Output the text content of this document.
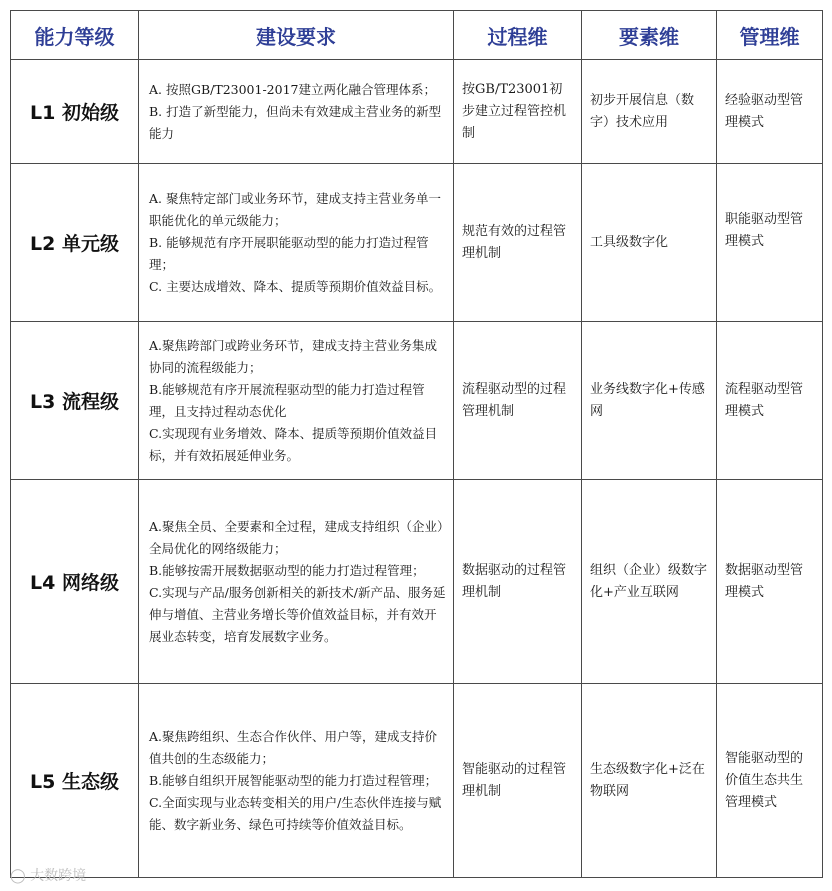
能力等级	建设要求	过程维	要素维	管理维
L1 初始级	A. 按照GB/T23001-2017建立两化融合管理体系；
B. 打造了新型能力，但尚未有效建成主营业务的新型能力	按GB/T23001初步建立过程管控机制	初步开展信息（数字）技术应用	经验驱动型管理模式
L2 单元级	A. 聚焦特定部门或业务环节，建成支持主营业务单一职能优化的单元级能力；
B. 能够规范有序开展职能驱动型的能力打造过程管理；
C. 主要达成增效、降本、提质等预期价值效益目标。	规范有效的过程管理机制	工具级数字化	职能驱动型管理模式
L3 流程级	A.聚焦跨部门或跨业务环节，建成支持主营业务集成协同的流程级能力；
B.能够规范有序开展流程驱动型的能力打造过程管理，且支持过程动态优化
C.实现现有业务增效、降本、提质等预期价值效益目标，并有效拓展延伸业务。	流程驱动型的过程管理机制	业务线数字化+传感网	流程驱动型管理模式
L4 网络级	A.聚焦全员、全要素和全过程，建成支持组织（企业）全局优化的网络级能力；
B.能够按需开展数据驱动型的能力打造过程管理；
C.实现与产品/服务创新相关的新技术/新产品、服务延伸与增值、主营业务增长等价值效益目标，并有效开展业态转变，培育发展数字业务。	数据驱动的过程管理机制	组织（企业）级数字化+产业互联网	数据驱动型管理模式
L5 生态级	A.聚焦跨组织、生态合作伙伴、用户等，建成支持价值共创的生态级能力；
B.能够自组织开展智能驱动型的能力打造过程管理；
C.全面实现与业态转变相关的用户/生态伙伴连接与赋能、数字新业务、绿色可持续等价值效益目标。	智能驱动的过程管理机制	生态级数字化+泛在物联网	智能驱动型的价值生态共生管理模式
◯ 大数跨境
